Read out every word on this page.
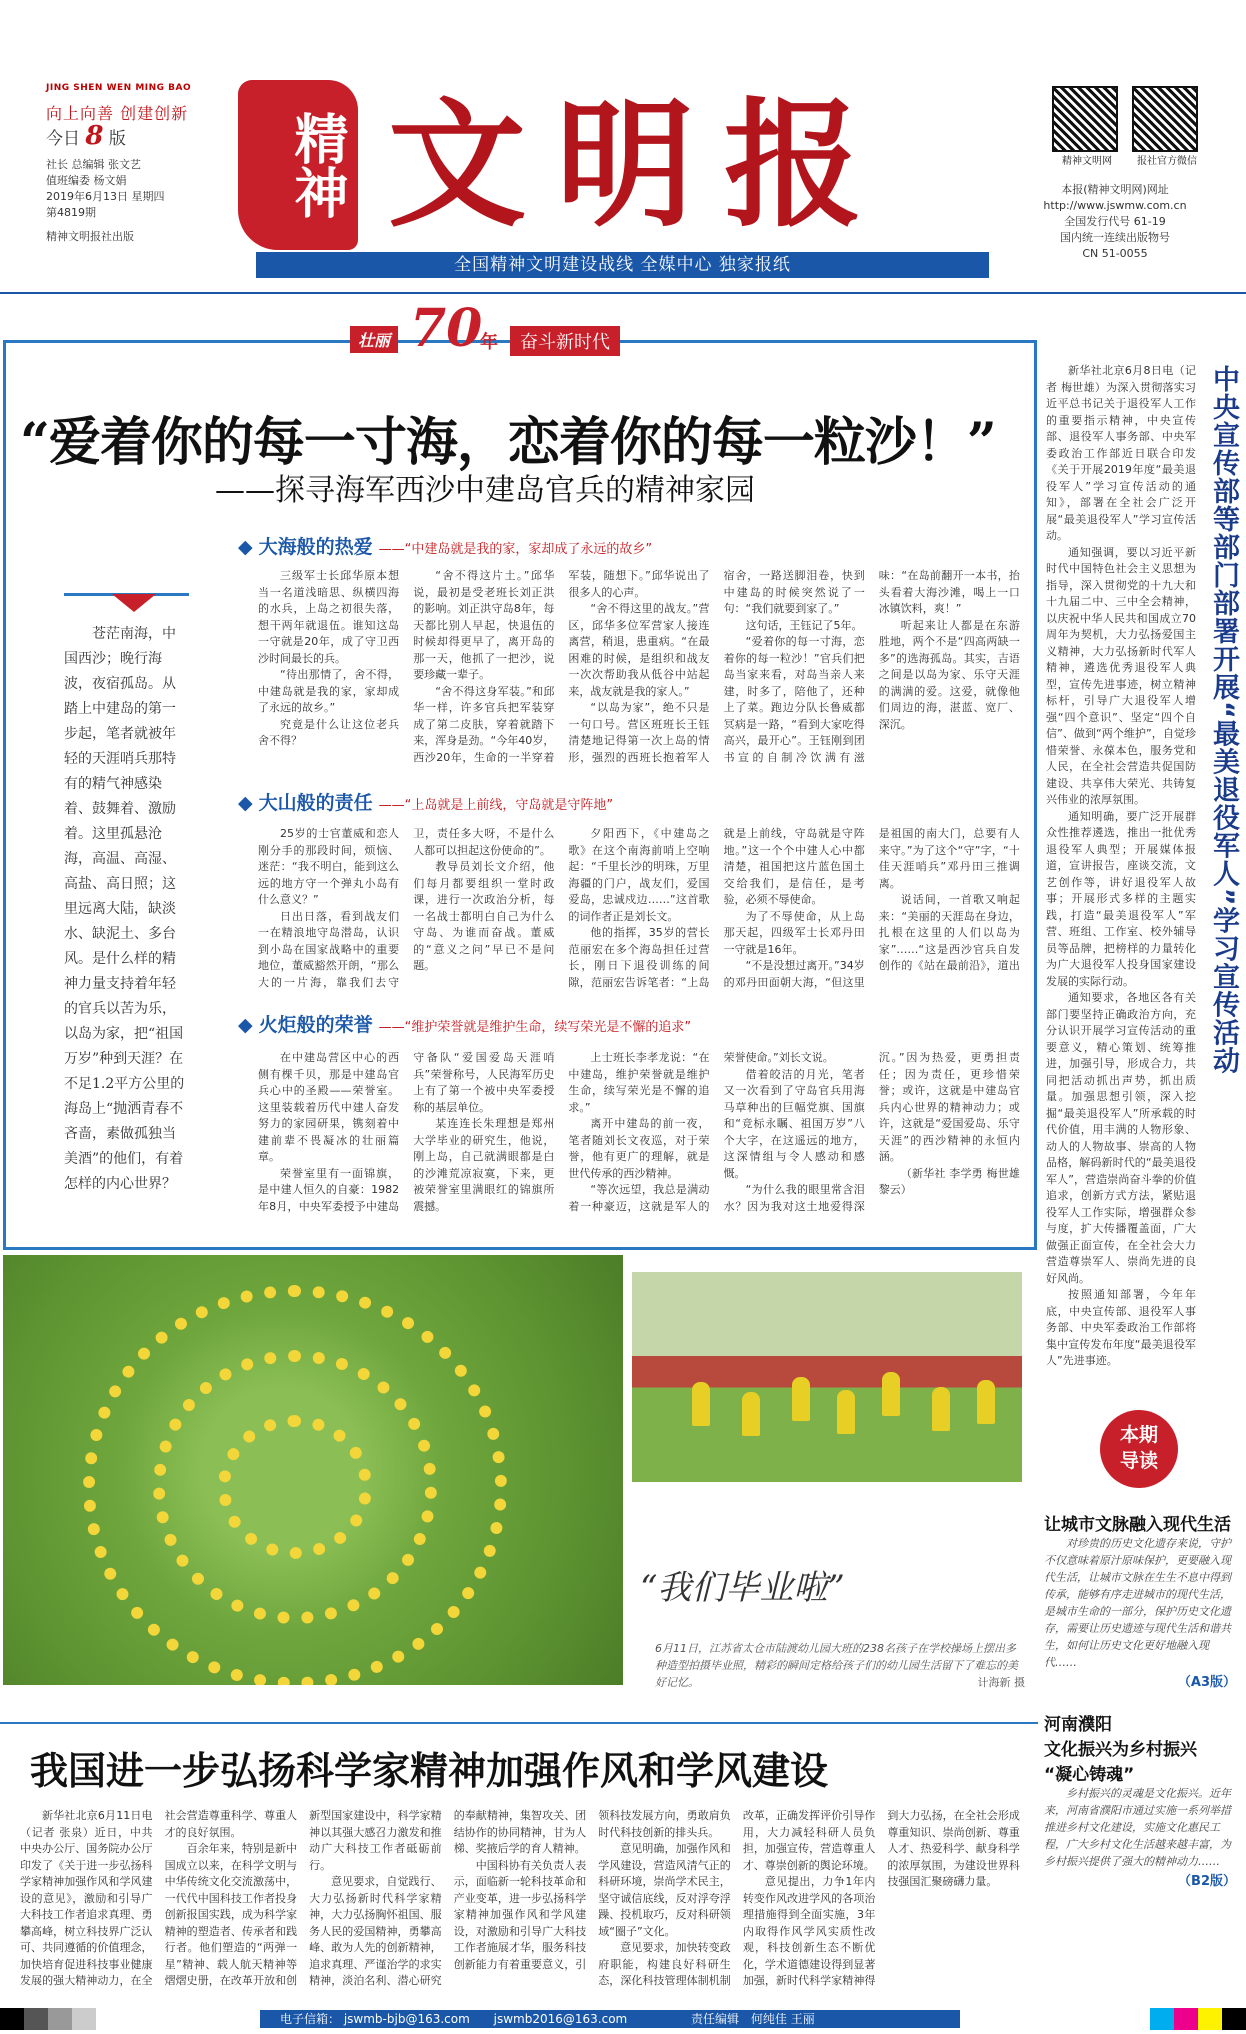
JING SHEN WEN MING BAO
向上向善 创建创新
今日 8 版
社长 总编辑 张文艺
值班编委 杨文娟
2019年6月13日 星期四
第4819期
精神文明报社出版
精神 文明报
全国精神文明建设战线 全媒中心 独家报纸
精神文明网	报社官方微信
本报(精神文明网)网址
http://www.jswmw.com.cn
全国发行代号 61-19
国内统一连续出版物号
CN 51-0055
壮丽 70
年	奋斗新时代
“爱着你的每一寸海，恋着你的每一粒沙！”
——探寻海军西沙中建岛官兵的精神家园
苍茫南海，中国西沙；晚行海波，夜宿孤岛。从踏上中建岛的第一步起，笔者就被年轻的天涯哨兵那特有的精气神感染着、鼓舞着、激励着。这里孤悬沧海，高温、高湿、高盐、高日照；这里远离大陆，缺淡水、缺泥土、多台风。是什么样的精神力量支持着年轻的官兵以苦为乐，以岛为家，把“祖国万岁”种到天涯？在不足1.2平方公里的海岛上“抛洒青春不吝啬，素做孤独当美酒”的他们，有着怎样的内心世界？
◆ 大海般的热爱 ——“中建岛就是我的家，家却成了永远的故乡”

三级军士长邱华原本想当一名道浅暗思、纵横四海的水兵，上岛之初很失落，想干两年就退伍。谁知这岛一守就是20年，成了守卫西沙时间最长的兵。

“待出那情了，舍不得，中建岛就是我的家，家却成了永远的故乡。”

究竟是什么让这位老兵舍不得？

“舍不得这片土。”邱华说，最初是受老班长刘正洪的影响。刘正洪守岛8年，每天都比别人早起，快退伍的时候却得更早了，离开岛的那一天，他抓了一把沙，说要珍藏一辈子。

“舍不得这身军装。”和邱华一样，许多官兵把军装穿成了第二皮肤，穿着就踏下来，浑身是劲。“今年40岁，西沙20年，生命的一半穿着军装，随想下。”邱华说出了很多人的心声。

“舍不得这里的战友。”营区，邱华多位军营家人接连离营，稍退，患重病。“在最困难的时候，是组织和战友一次次帮助我从低谷中站起来，战友就是我的家人。”

“以岛为家”，绝不只是一句口号。营区班班长王钰清楚地记得第一次上岛的情形，强烈的西班长抱着军人宿舍，一路送脚泪卷，快到中建岛的时候突然说了一句：“我们就要到家了。”

这句话，王钰记了5年。

“爱着你的每一寸海，恋着你的每一粒沙！”官兵们把岛当家来看，对岛当亲人来建，时多了，陪他了，还种上了菜。跑边分队长鲁威都冥病是一路，“看到大家吃得高兴，最开心”。王钰刚到团书宣的自制冷饮满有滋味：“在岛前翻开一本书，抬头看着大海沙滩，喝上一口冰镇饮料，爽！”

听起来让人都是在东游胜地，两个不是“四高两缺一多”的选海孤岛。其实，吉语之间是以岛为家、乐守天涯的满满的爱。这爱，就像他们周边的海，湛蓝、宽厂、深沉。

◆ 大山般的责任 ——“上岛就是上前线，守岛就是守阵地”

25岁的士官董威和恋人刚分手的那段时间，烦恼、迷茫：“我不明白，能到这么远的地方守一个弹丸小岛有什么意义？”

日出日落，看到战友们一在精浪地守岛潜岛，认识到小岛在国家战略中的重要地位，董威豁然开朗，“那么大的一片海，靠我们去守卫，责任多大呀，不是什么人都可以担起这份使命的”。

教导员刘长文介绍，他们每月都要组织一堂时政课，进行一次政治分析，每一名战士都明白自己为什么守岛、为谁而奋战。董威的“意义之问”早已不是问题。

夕阳西下，《中建岛之歌》在这个南海前哨上空响起：“千里长沙的明珠，万里海疆的门户，战友们，爱国爱岛，忠诚戍边……”这首歌的词作者正是刘长文。

他的指挥，35岁的营长范丽宏在多个海岛担任过营长，刚日下退役训练的间隙，范丽宏告诉笔者：“上岛就是上前线，守岛就是守阵地。”这一个个中建人心中都清楚，祖国把这片蓝色国土交给我们，是信任，是考验，必须不辱使命。

为了不辱使命，从上岛那天起，四级军士长邓丹田一守就是16年。

“不是没想过离开。”34岁的邓丹田面朝大海，“但这里是祖国的南大门，总要有人来守。”为了这个“守”字，“十佳天涯哨兵”邓丹田三推调离。

说话间，一首歌又响起来：“美丽的天涯岛在身边，扎根在这里的人们以岛为家”……“这是西沙官兵自发创作的《站在最前沿》，道出

◆ 火炬般的荣誉 ——“维护荣誉就是维护生命，续写荣光是不懈的追求”

在中建岛营区中心的西侧有棵千贝，那是中建岛官兵心中的圣殿——荣誉室。这里装载着历代中建人奋发努力的家园研果，镌刻着中建前辈不畏凝冰的壮丽篇章。

荣誉室里有一面锦旗，是中建人恒久的自豪：1982年8月，中央军委授予中建岛守备队“爱国爱岛天涯哨兵”荣誉称号，人民海军历史上有了第一个被中央军委授称的基层单位。

某连连长朱理想是郑州大学毕业的研究生，他说，刚上岛，自己就满眼都是白的沙滩荒凉寂寞，下来，更被荣誉室里满眼红的锦旗所震撼。

上士班长李孝龙说：“在中建岛，维护荣誉就是维护生命，续写荣光是不懈的追求。”

离开中建岛的前一夜，笔者随刘长文夜巡，对于荣誉，他有更广的理解，就是世代传承的西沙精神。

“等次远望，我总是满动着一种豪迈，这就是军人的荣誉使命。”刘长文说。

借着皎洁的月光，笔者又一次看到了守岛官兵用海马草种出的巨幅党旗、国旗和“竞标永瞩、祖国万岁”八个大字，在这遥远的地方，这深情组与令人感动和感慨。

“为什么我的眼里常含泪水？因为我对这土地爱得深沉。”因为热爱，更勇担责任；因为责任，更珍惜荣誉；或许，这就是中建岛官兵内心世界的精神动力；或许，这就是“爱国爱岛、乐守天涯”的西沙精神的永恒内涵。

（新华社 李学勇 梅世雄 黎云）

“我们毕业啦”
6月11日，江苏省太仓市陆渡幼儿园大班的238名孩子在学校操场上摆出多种造型拍摄毕业照，精彩的瞬间定格给孩子们的幼儿园生活留下了难忘的美好记忆。	计海新 摄

新华社北京6月8日电（记者 梅世雄）为深入贯彻落实习近平总书记关于退役军人工作的重要指示精神，中央宣传部、退役军人事务部、中央军委政治工作部近日联合印发《关于开展2019年度“最美退役军人”学习宣传活动的通知》，部署在全社会广泛开展“最美退役军人”学习宣传活动。

通知强调，要以习近平新时代中国特色社会主义思想为指导，深入贯彻党的十九大和十九届二中、三中全会精神，以庆祝中华人民共和国成立70周年为契机，大力弘扬爱国主义精神，大力弘扬新时代军人精神，遴选优秀退役军人典型，宣传先进事迹，树立精神标杆，引导广大退役军人增强“四个意识”、坚定“四个自信”、做到“两个维护”，自觉珍惜荣誉、永葆本色，服务党和人民，在全社会营造共促国防建设、共享伟大荣光、共铸复兴伟业的浓厚氛围。

通知明确，要广泛开展群众性推荐遴选，推出一批优秀退役军人典型；开展媒体报道，宣讲报告，座谈交流，文艺创作等，讲好退役军人故事；开展形式多样的主题实践，打造“最美退役军人”军营、班组、工作室、校外辅导员等品牌，把榜样的力量转化为广大退役军人投身国家建设发展的实际行动。

通知要求，各地区各有关部门要坚持正确政治方向，充分认识开展学习宣传活动的重要意义，精心策划、统筹推进，加强引导，形成合力，共同把活动抓出声势，抓出质量。加强思想引领，深入挖掘“最美退役军人”所承载的时代价值，用丰满的人物形象、动人的人物故事、崇高的人物品格，解码新时代的“最美退役军人”，营造崇尚奋斗拳的价值追求，创新方式方法，紧贴退役军人工作实际，增强群众参与度，扩大传播覆盖面，广大做强正面宣传，在全社会大力营造尊崇军人、崇尚先进的良好风尚。

按照通知部署，今年年底，中央宣传部、退役军人事务部、中央军委政治工作部将集中宣传发布年度“最美退役军人”先进事迹。

中央宣传部等部门部署开展“最美退役军人”学习宣传活动
本期
导读
让城市文脉融入现代生活
对珍贵的历史文化遗存来说，守护不仅意味着原汁原味保护，更要融入现代生活，让城市文脉在生生不息中得到传承，能够有序走进城市的现代生活，是城市生命的一部分，保护历史文化遗存，需要让历史遗迹与现代生活和谐共生，如何让历史文化更好地融入现代……
（A3版）
河南濮阳
文化振兴为乡村振兴
“凝心铸魂”
乡村振兴的灵魂是文化振兴。近年来，河南省濮阳市通过实施一系列举措推进乡村文化建设，实施文化惠民工程，广大乡村文化生活越来越丰富，为乡村振兴提供了强大的精神动力……
（B2版）
我国进一步弘扬科学家精神加强作风和学风建设

新华社北京6月11日电（记者 张泉）近日，中共中央办公厅、国务院办公厅印发了《关于进一步弘扬科学家精神加强作风和学风建设的意见》，激励和引导广大科技工作者追求真理、勇攀高峰，树立科技界广泛认可、共同遵循的价值理念，加快培育促进科技事业健康发展的强大精神动力，在全社会营造尊重科学、尊重人才的良好氛围。

百余年来，特别是新中国成立以来，在科学文明与中华传统文化交流激荡中，一代代中国科技工作者投身创新报国实践，成为科学家精神的塑造者、传承者和践行者。他们塑造的“两弹一星”精神、载人航天精神等熠熠史册，在改革开放和创新型国家建设中，科学家精神以其强大感召力激发和推动广大科技工作者砥砺前行。

意见要求，自觉践行、大力弘扬新时代科学家精神，大力弘扬胸怀祖国、服务人民的爱国精神，勇攀高峰、敢为人先的创新精神，追求真理、严谨治学的求实精神，淡泊名利、潜心研究的奉献精神，集智攻关、团结协作的协同精神，甘为人梯、奖掖后学的育人精神。

中国科协有关负责人表示，面临新一轮科技革命和产业变革，进一步弘扬科学家精神加强作风和学风建设，对激励和引导广大科技工作者施展才华，服务科技创新能力有着重要意义，引领科技发展方向，勇敢肩负时代科技创新的排头兵。

意见明确，加强作风和学风建设，营造风清气正的科研环境，崇尚学术民主，坚守诚信底线，反对浮夸浮躁、投机取巧，反对科研领域“圈子”文化。

意见要求，加快转变政府职能，构建良好科研生态，深化科技管理体制机制改革，正确发挥评价引导作用，大力减轻科研人员负担，加强宣传，营造尊重人才、尊崇创新的舆论环境。

意见提出，力争1年内转变作风改进学风的各项治理措施得到全面实施，3年内取得作风学风实质性改观，科技创新生态不断优化，学术道德建设得到显著加强，新时代科学家精神得到大力弘扬，在全社会形成尊重知识、崇尚创新、尊重人才、热爱科学、献身科学的浓厚氛围，为建设世界科技强国汇聚磅礴力量。

电子信箱： jswmb-bjb@163.com jswmb2016@163.com	责任编辑 何纯佳 王丽
